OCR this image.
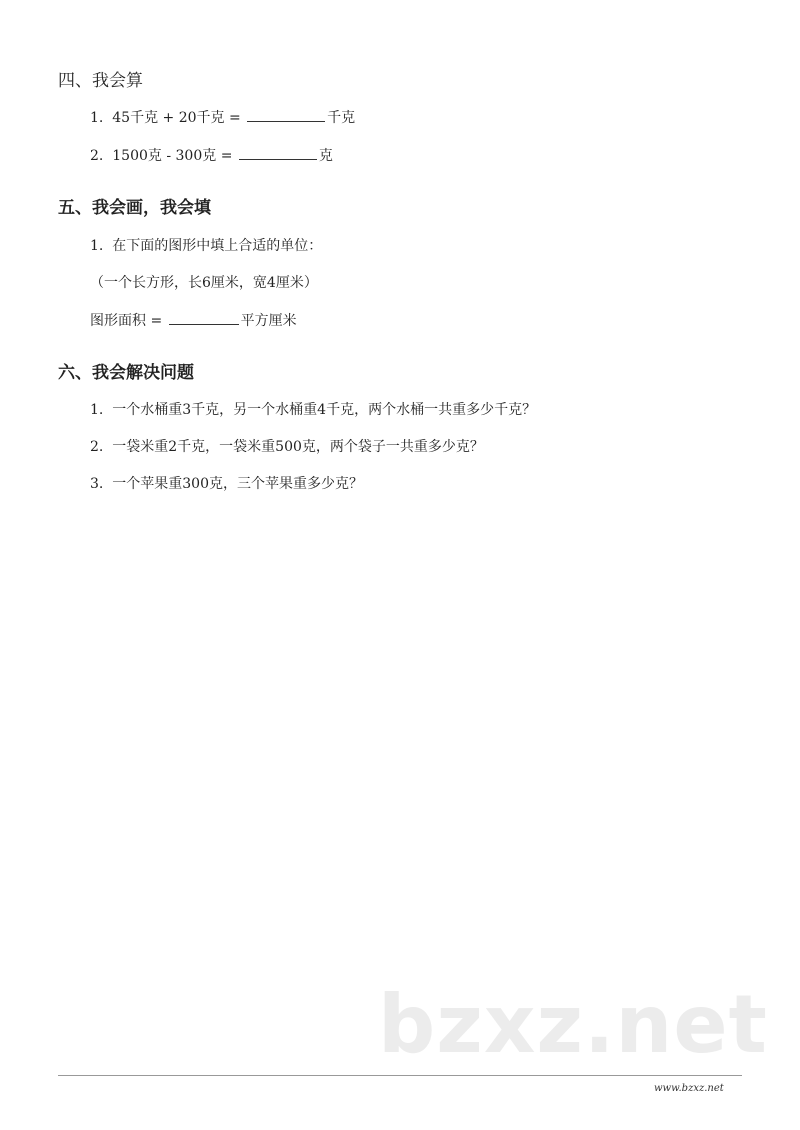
四、我会算
1. 45千克 + 20千克 =	千克
2. 1500克 - 300克 =	克
五、我会画，我会填
1. 在下面的图形中填上合适的单位：
（一个长方形，长6厘米，宽4厘米）
图形面积 =	平方厘米
六、我会解决问题
1. 一个水桶重3千克，另一个水桶重4千克，两个水桶一共重多少千克？
2. 一袋米重2千克，一袋米重500克，两个袋子一共重多少克？
3. 一个苹果重300克，三个苹果重多少克？
bzxz.net
www.bzxz.net
